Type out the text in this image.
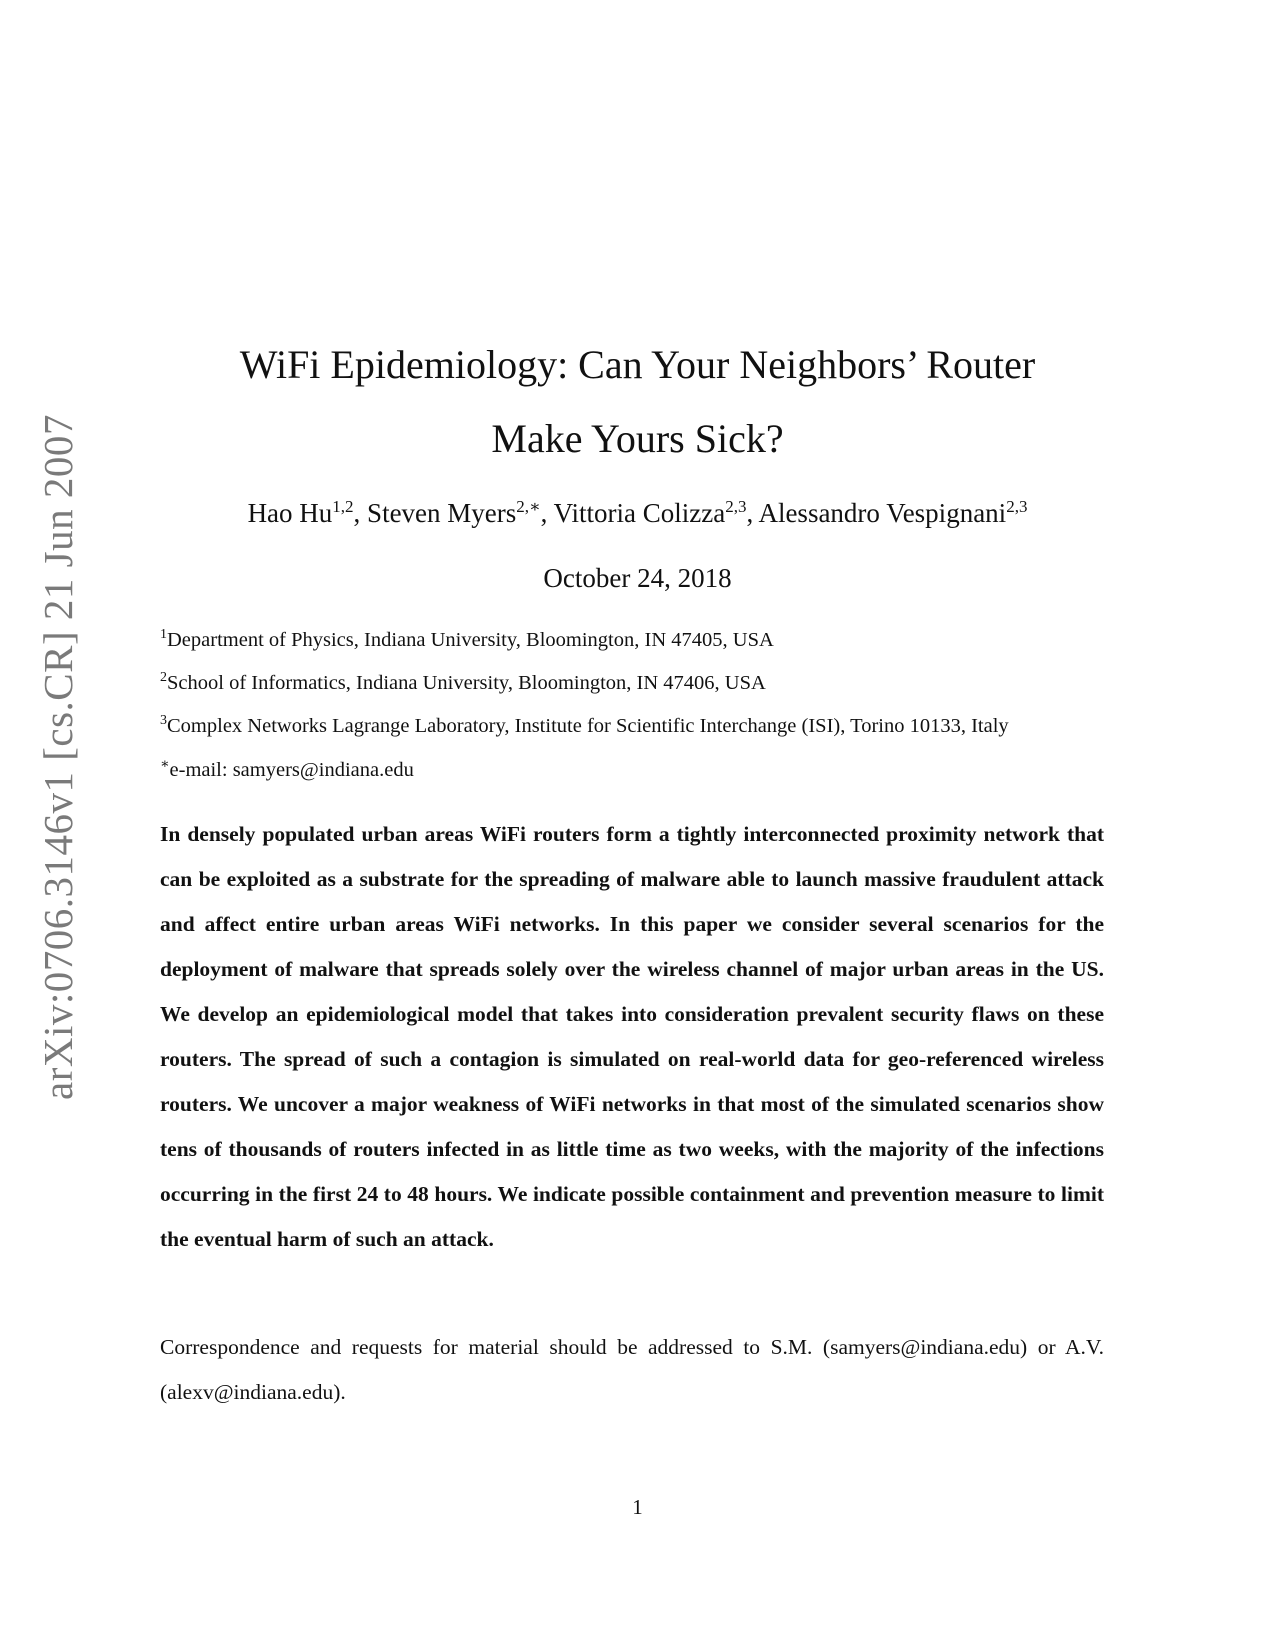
arXiv:0706.3146v1 [cs.CR] 21 Jun 2007
WiFi Epidemiology: Can Your Neighbors’ Router
Make Yours Sick?
Hao Hu$^{1,2}$, Steven Myers$^{2,∗}$, Vittoria Colizza$^{2,3}$, Alessandro Vespignani$^{2,3}$
October 24, 2018
$^1$Department of Physics, Indiana University, Bloomington, IN 47405, USA
$^2$School of Informatics, Indiana University, Bloomington, IN 47406, USA
$^3$Complex Networks Lagrange Laboratory, Institute for Scientific Interchange (ISI), Torino 10133, Italy
∗e-mail: samyers@indiana.edu
In densely populated urban areas WiFi routers form a tightly interconnected proximity network that can be exploited as a substrate for the spreading of malware able to launch massive fraudulent attack and affect entire urban areas WiFi networks. In this paper we consider several scenarios for the deployment of malware that spreads solely over the wireless channel of major urban areas in the US. We develop an epidemiological model that takes into consideration prevalent security flaws on these routers. The spread of such a contagion is simulated on real-world data for geo-referenced wireless routers. We uncover a major weakness of WiFi networks in that most of the simulated scenarios show tens of thousands of routers infected in as little time as two weeks, with the majority of the infections occurring in the first 24 to 48 hours. We indicate possible containment and prevention measure to limit the eventual harm of such an attack.
Correspondence and requests for material should be addressed to S.M. (samyers@indiana.edu) or A.V. (alexv@indiana.edu).
1
